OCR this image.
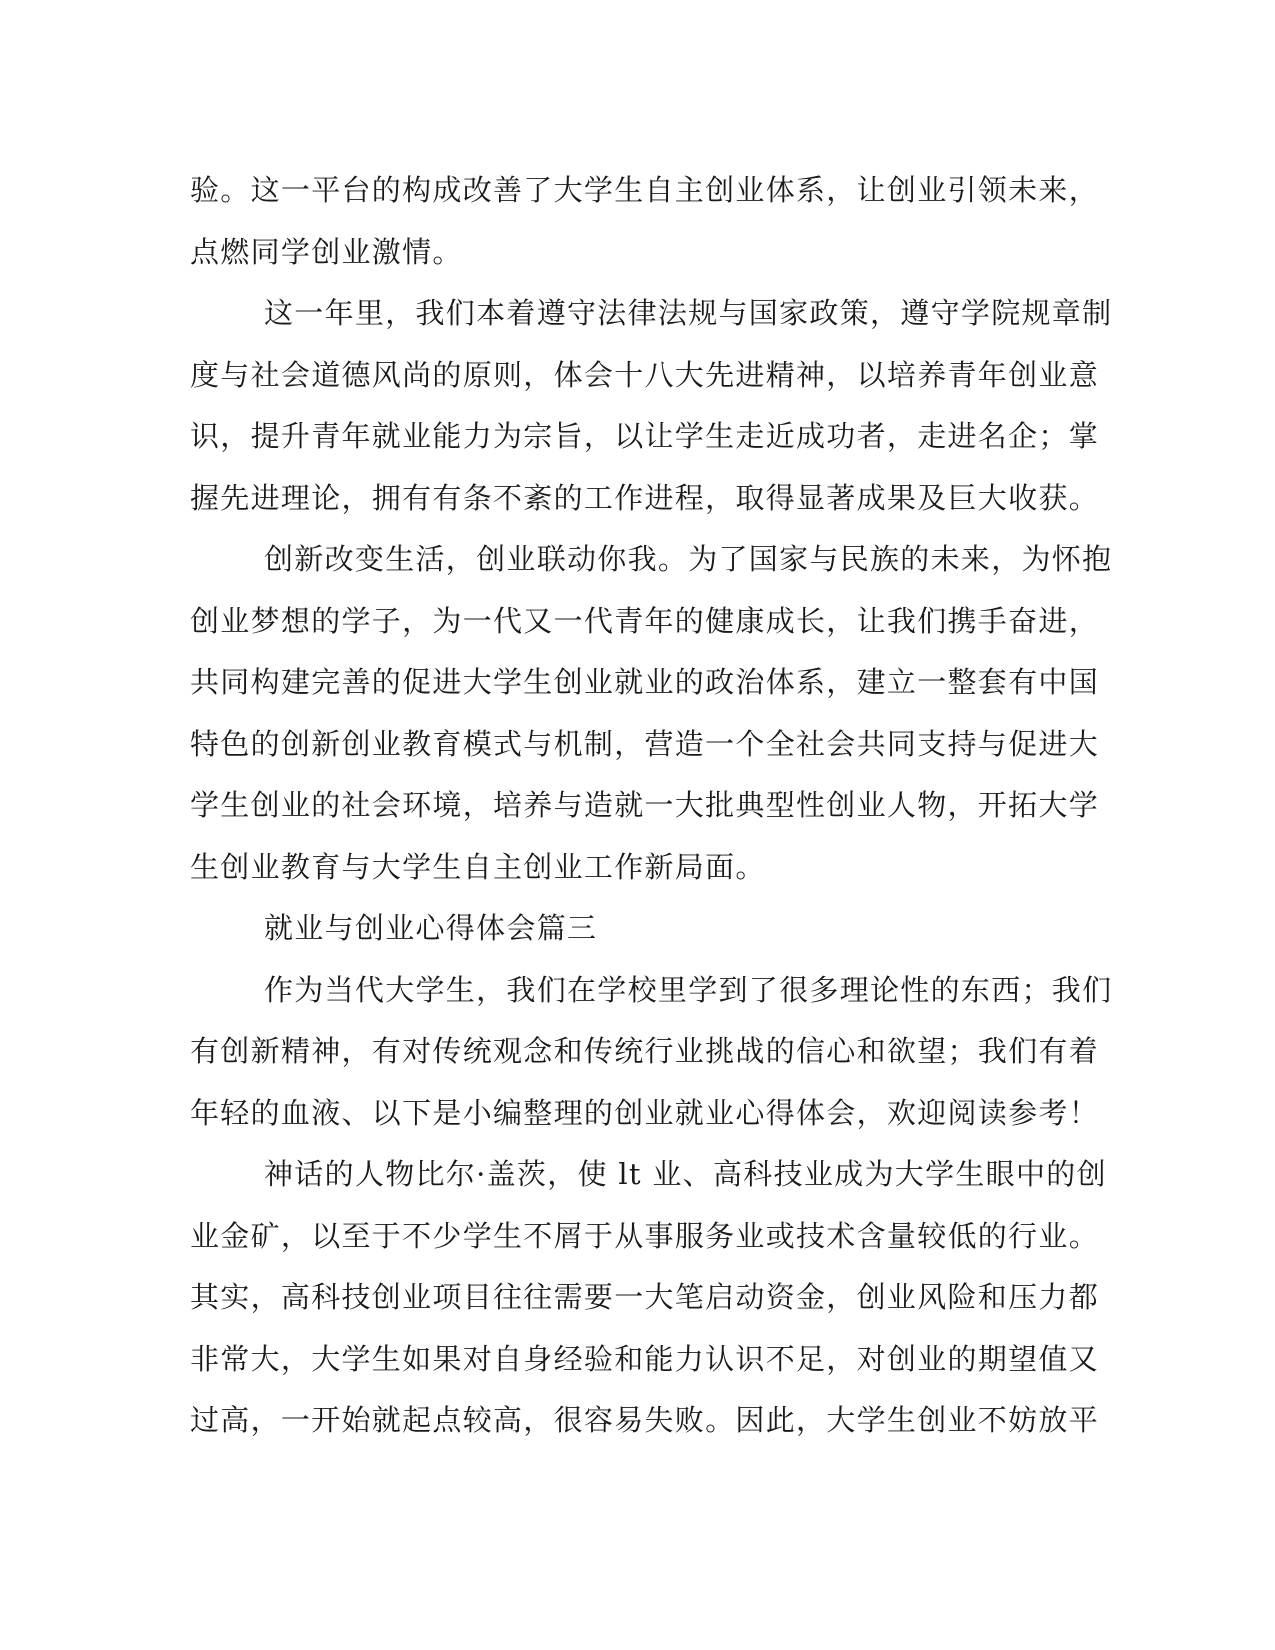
验。这一平台的构成改善了大学生自主创业体系，让创业引领未来，
点燃同学创业激情。
这一年里，我们本着遵守法律法规与国家政策，遵守学院规章制
度与社会道德风尚的原则，体会十八大先进精神，以培养青年创业意
识，提升青年就业能力为宗旨，以让学生走近成功者，走进名企；掌
握先进理论，拥有有条不紊的工作进程，取得显著成果及巨大收获。
创新改变生活，创业联动你我。为了国家与民族的未来，为怀抱
创业梦想的学子，为一代又一代青年的健康成长，让我们携手奋进，
共同构建完善的促进大学生创业就业的政治体系，建立一整套有中国
特色的创新创业教育模式与机制，营造一个全社会共同支持与促进大
学生创业的社会环境，培养与造就一大批典型性创业人物，开拓大学
生创业教育与大学生自主创业工作新局面。
就业与创业心得体会篇三
作为当代大学生，我们在学校里学到了很多理论性的东西；我们
有创新精神，有对传统观念和传统行业挑战的信心和欲望；我们有着
年轻的血液、以下是小编整理的创业就业心得体会，欢迎阅读参考！
神话的人物比尔·盖茨，使 lt 业、高科技业成为大学生眼中的创
业金矿，以至于不少学生不屑于从事服务业或技术含量较低的行业。
其实，高科技创业项目往往需要一大笔启动资金，创业风险和压力都
非常大，大学生如果对自身经验和能力认识不足，对创业的期望值又
过高，一开始就起点较高，很容易失败。因此，大学生创业不妨放平
